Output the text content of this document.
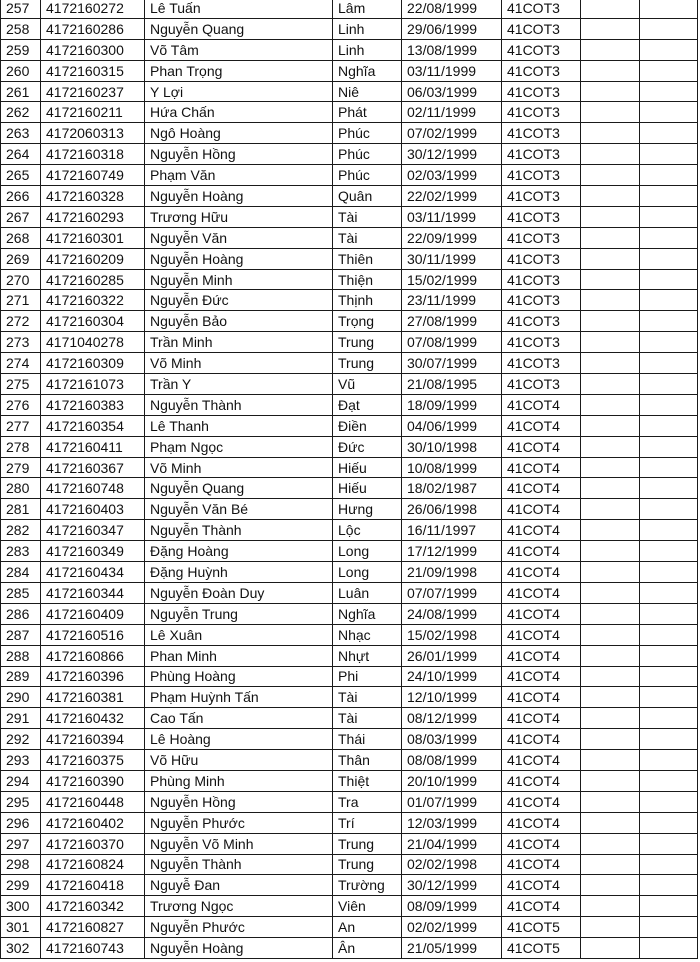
257	4172160272	Lê Tuấn	Lâm	22/08/1999	41COT3		
258	4172160286	Nguyễn Quang	Linh	29/06/1999	41COT3		
259	4172160300	Võ Tâm	Linh	13/08/1999	41COT3		
260	4172160315	Phan Trọng	Nghĩa	03/11/1999	41COT3		
261	4172160237	Y Lợi	Niê	06/03/1999	41COT3		
262	4172160211	Hứa Chấn	Phát	02/11/1999	41COT3		
263	4172060313	Ngô Hoàng	Phúc	07/02/1999	41COT3		
264	4172160318	Nguyễn Hồng	Phúc	30/12/1999	41COT3		
265	4172160749	Phạm Văn	Phúc	02/03/1999	41COT3		
266	4172160328	Nguyễn Hoàng	Quân	22/02/1999	41COT3		
267	4172160293	Trương Hữu	Tài	03/11/1999	41COT3		
268	4172160301	Nguyễn Văn	Tài	22/09/1999	41COT3		
269	4172160209	Nguyễn Hoàng	Thiên	30/11/1999	41COT3		
270	4172160285	Nguyễn Minh	Thiện	15/02/1999	41COT3		
271	4172160322	Nguyễn Đức	Thịnh	23/11/1999	41COT3		
272	4172160304	Nguyễn Bảo	Trọng	27/08/1999	41COT3		
273	4171040278	Trần Minh	Trung	07/08/1999	41COT3		
274	4172160309	Võ Minh	Trung	30/07/1999	41COT3		
275	4172161073	Trần Y	Vũ	21/08/1995	41COT3		
276	4172160383	Nguyễn Thành	Đạt	18/09/1999	41COT4		
277	4172160354	Lê Thanh	Điền	04/06/1999	41COT4		
278	4172160411	Phạm Ngọc	Đức	30/10/1998	41COT4		
279	4172160367	Võ Minh	Hiếu	10/08/1999	41COT4		
280	4172160748	Nguyễn Quang	Hiếu	18/02/1987	41COT4		
281	4172160403	Nguyễn Văn Bé	Hưng	26/06/1998	41COT4		
282	4172160347	Nguyễn Thành	Lộc	16/11/1997	41COT4		
283	4172160349	Đặng Hoàng	Long	17/12/1999	41COT4		
284	4172160434	Đặng Huỳnh	Long	21/09/1998	41COT4		
285	4172160344	Nguyễn Đoàn Duy	Luân	07/07/1999	41COT4		
286	4172160409	Nguyễn Trung	Nghĩa	24/08/1999	41COT4		
287	4172160516	Lê Xuân	Nhạc	15/02/1998	41COT4		
288	4172160866	Phan Minh	Nhựt	26/01/1999	41COT4		
289	4172160396	Phùng Hoàng	Phi	24/10/1999	41COT4		
290	4172160381	Phạm Huỳnh Tấn	Tài	12/10/1999	41COT4		
291	4172160432	Cao Tấn	Tài	08/12/1999	41COT4		
292	4172160394	Lê Hoàng	Thái	08/03/1999	41COT4		
293	4172160375	Võ Hữu	Thân	08/08/1999	41COT4		
294	4172160390	Phùng Minh	Thiệt	20/10/1999	41COT4		
295	4172160448	Nguyễn Hồng	Tra	01/07/1999	41COT4		
296	4172160402	Nguyễn Phước	Trí	12/03/1999	41COT4		
297	4172160370	Nguyễn Võ Minh	Trung	21/04/1999	41COT4		
298	4172160824	Nguyễn Thành	Trung	02/02/1998	41COT4		
299	4172160418	Nguyễ Đan	Trường	30/12/1999	41COT4		
300	4172160342	Trương Ngọc	Viên	08/09/1999	41COT4		
301	4172160827	Nguyễn Phước	An	02/02/1999	41COT5		
302	4172160743	Nguyễn Hoàng	Ân	21/05/1999	41COT5		
